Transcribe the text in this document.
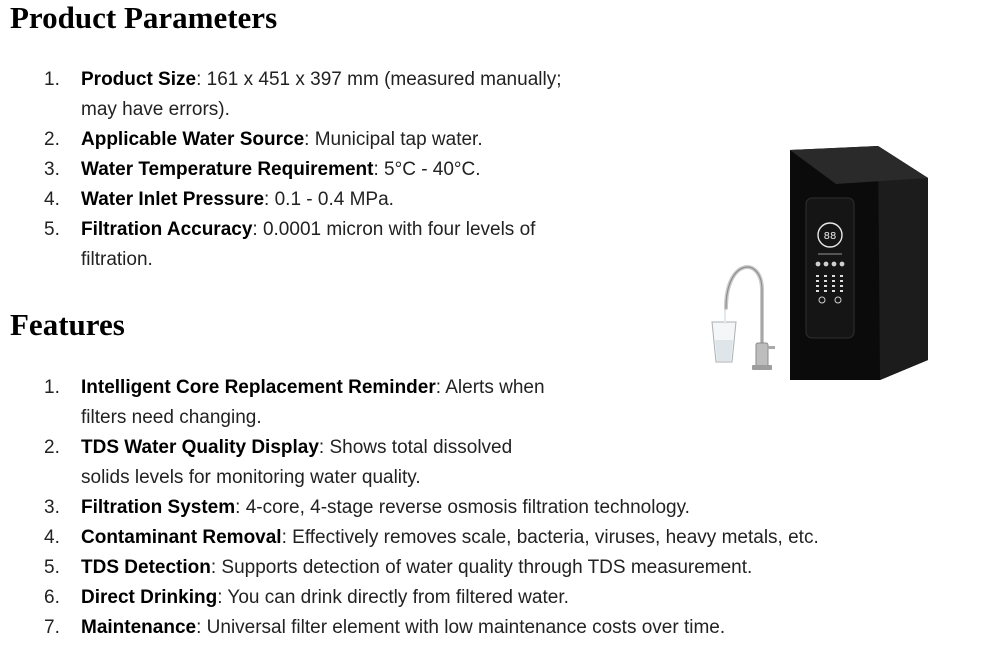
Product Parameters
1. Product Size: 161 x 451 x 397 mm (measured manually;
may have errors).
2. Applicable Water Source: Municipal tap water.
3. Water Temperature Requirement: 5°C - 40°C.
4. Water Inlet Pressure: 0.1 - 0.4 MPa.
5. Filtration Accuracy: 0.0001 micron with four levels of
filtration.
Features
1. Intelligent Core Replacement Reminder: Alerts when
filters need changing.
2. TDS Water Quality Display: Shows total dissolved
solids levels for monitoring water quality.
3. Filtration System: 4-core, 4-stage reverse osmosis filtration technology.
4. Contaminant Removal: Effectively removes scale, bacteria, viruses, heavy metals, etc.
5. TDS Detection: Supports detection of water quality through TDS measurement.
6. Direct Drinking: You can drink directly from filtered water.
7. Maintenance: Universal filter element with low maintenance costs over time.
88
